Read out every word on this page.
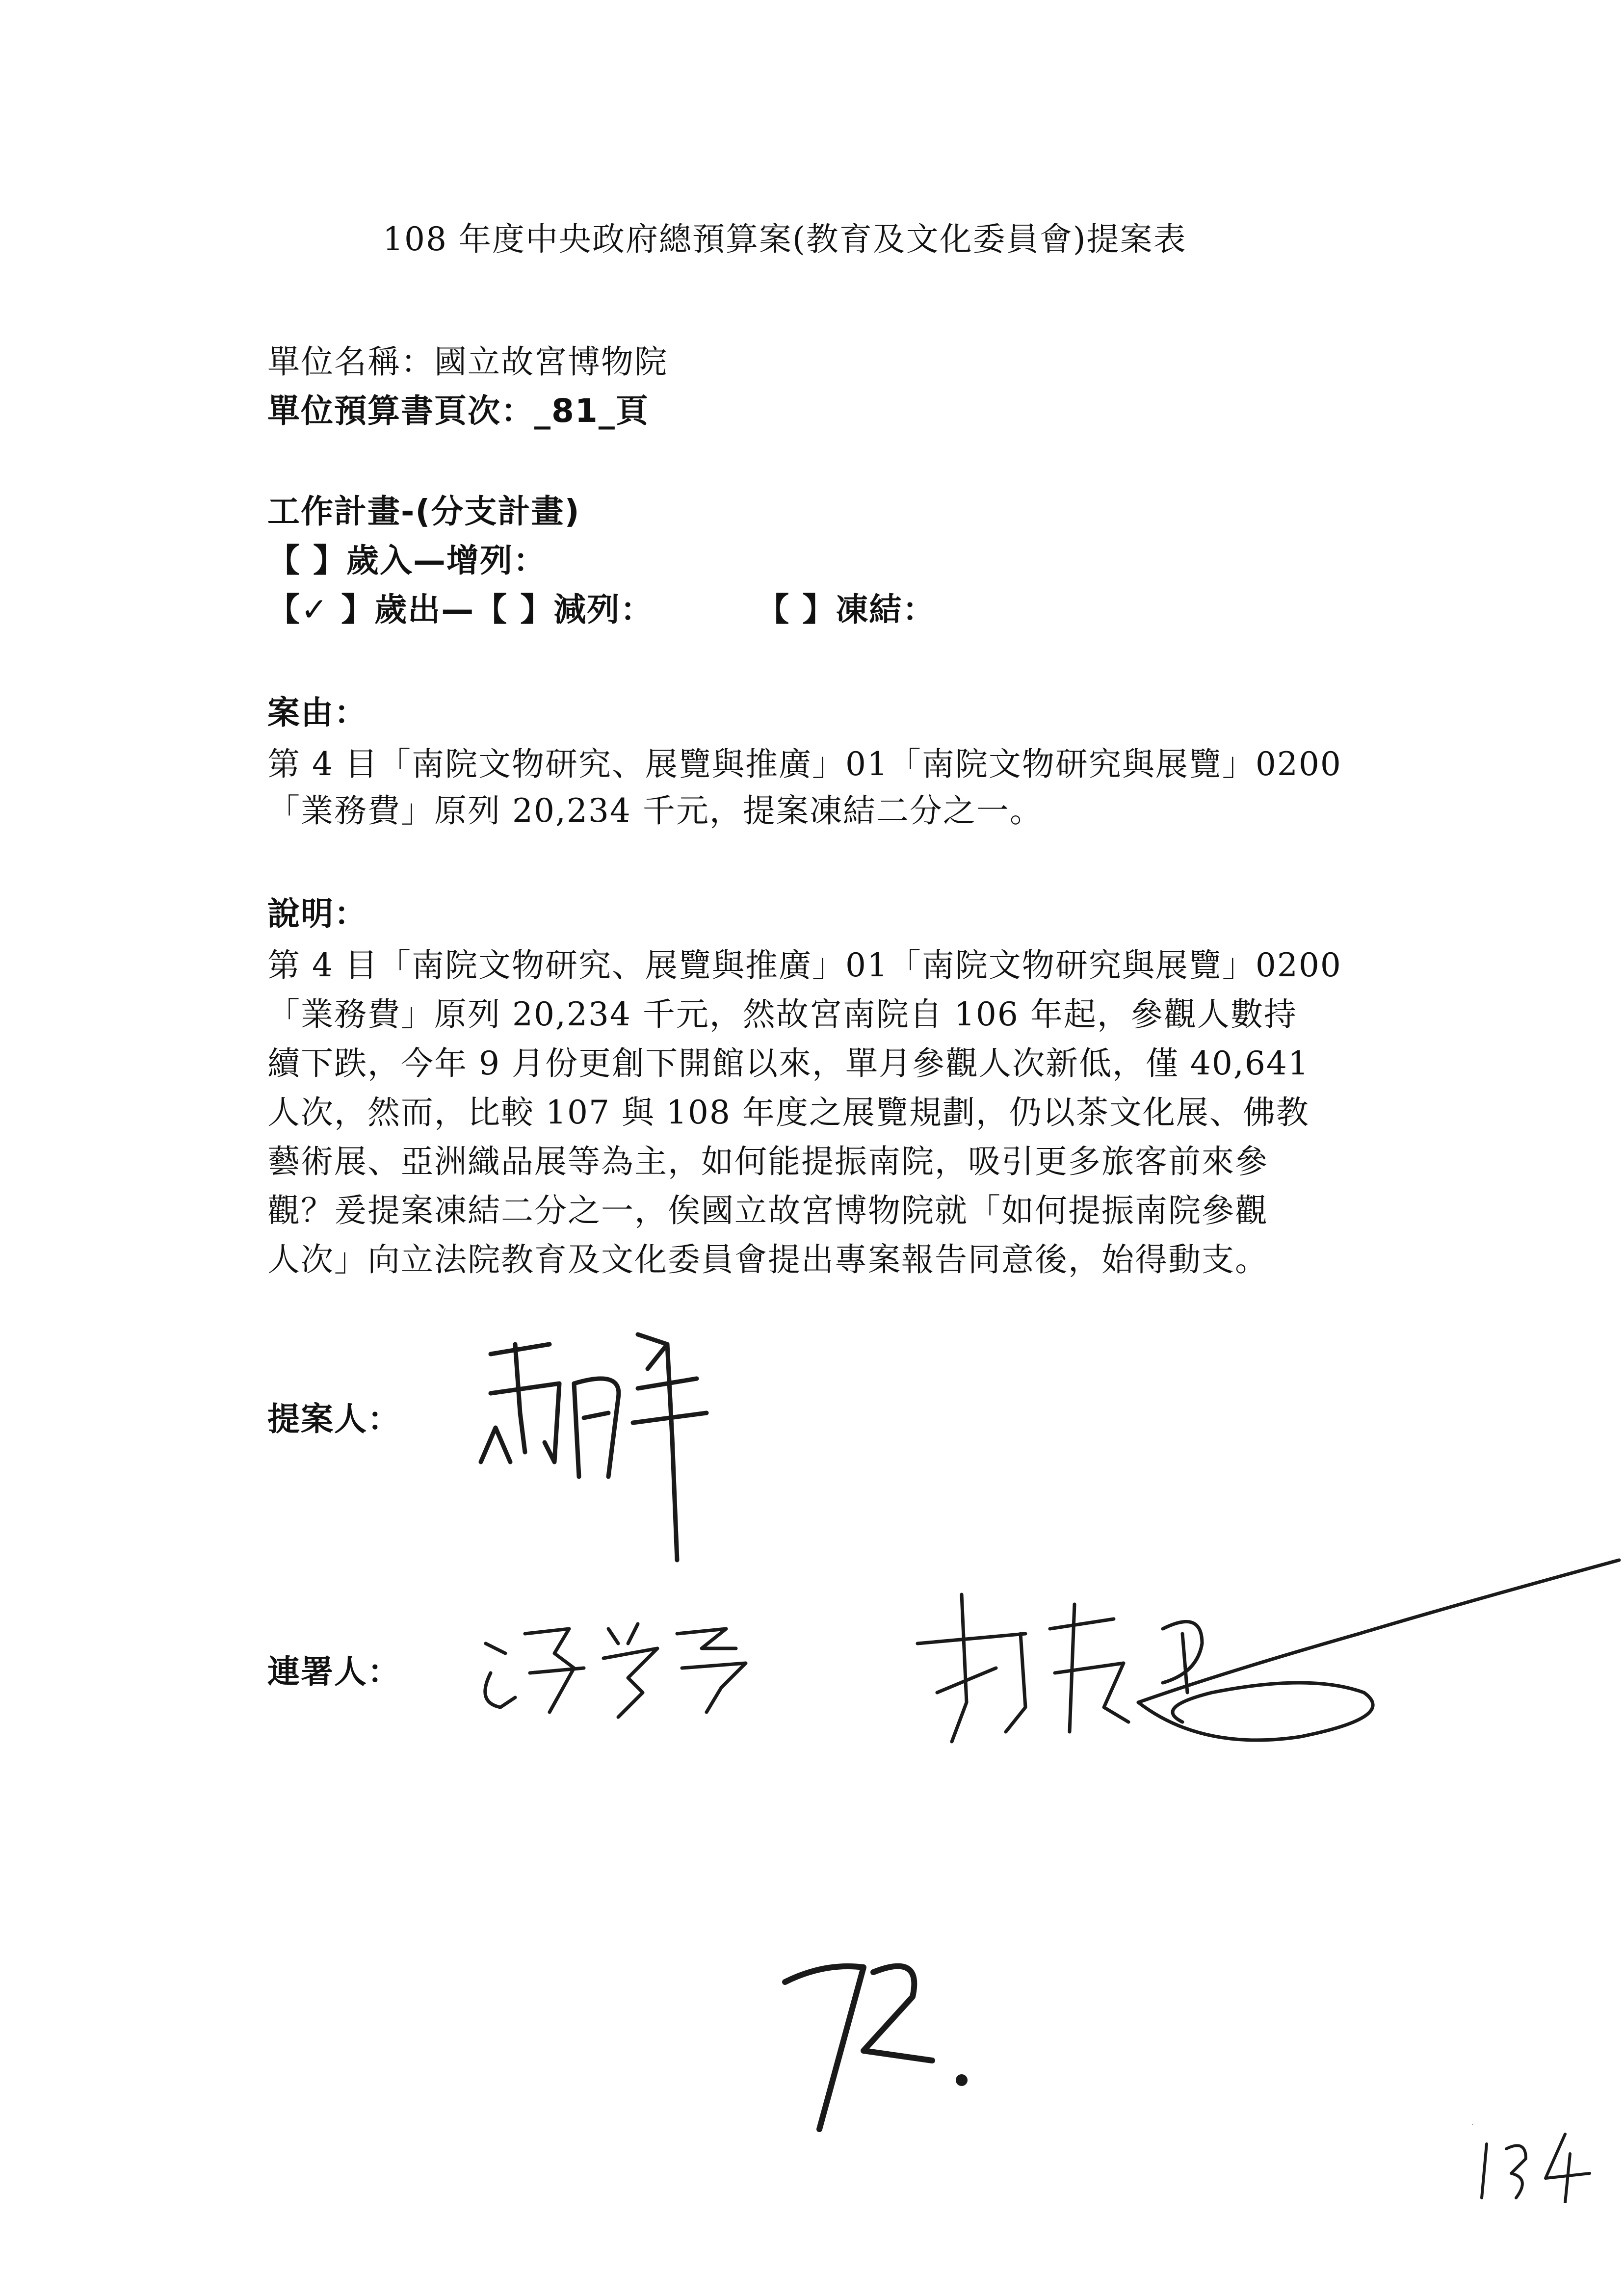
108 年度中央政府總預算案(教育及文化委員會)提案表
單位名稱：國立故宮博物院
單位預算書頁次：_81_頁
工作計畫-(分支計畫)
【 】歲入—增列：
【✓ 】歲出—【 】減列：	【 】凍結：
案由：
第 4 目「南院文物研究、展覽與推廣」01「南院文物研究與展覽」0200
「業務費」原列 20,234 千元，提案凍結二分之一。
說明：
第 4 目「南院文物研究、展覽與推廣」01「南院文物研究與展覽」0200
「業務費」原列 20,234 千元，然故宮南院自 106 年起，參觀人數持
續下跌，今年 9 月份更創下開館以來，單月參觀人次新低，僅 40,641
人次，然而，比較 107 與 108 年度之展覽規劃，仍以茶文化展、佛教
藝術展、亞洲織品展等為主，如何能提振南院，吸引更多旅客前來參
觀？爰提案凍結二分之一，俟國立故宮博物院就「如何提振南院參觀
人次」向立法院教育及文化委員會提出專案報告同意後，始得動支。
提案人：
連署人：
72.
134
